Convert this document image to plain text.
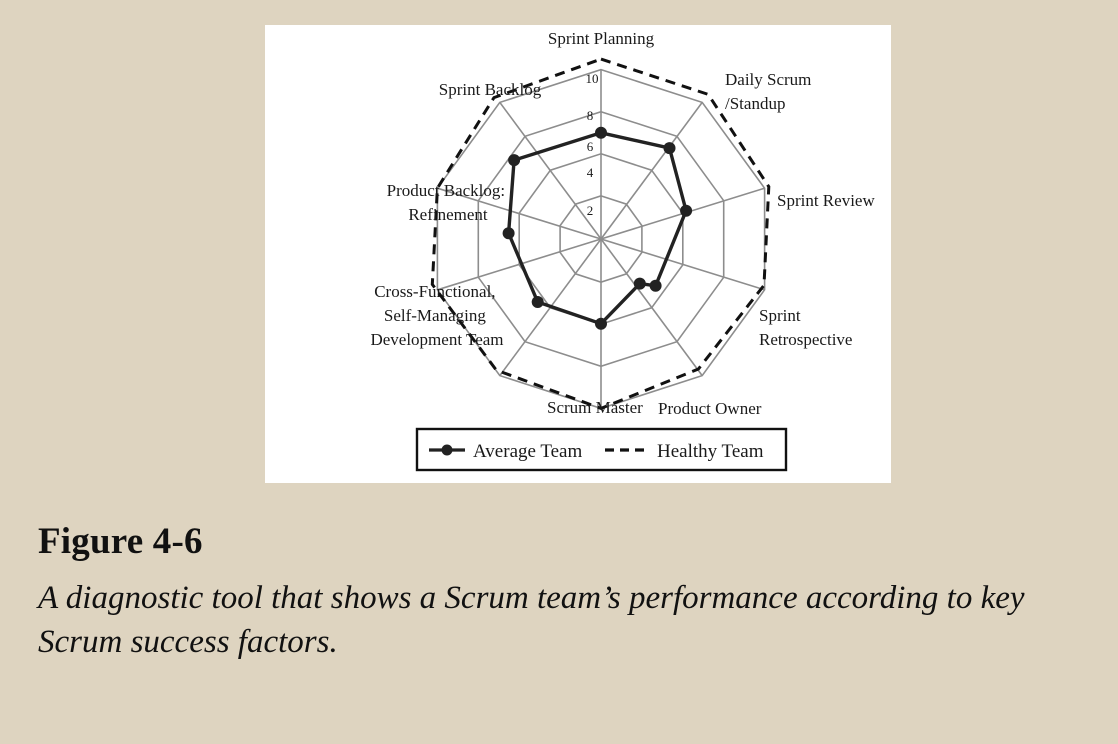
2
4
6
8
10
Sprint Planning
Daily Scrum /Standup
Sprint Review
Sprint Retrospective
Product Owner
Scrum Master
Cross-Functional, Self-Managing Development Team
Product Backlog: Refinement
Sprint Backlog
Average Team	Healthy Team
Figure 4-6
A diagnostic tool that shows a Scrum team’s performance according to key Scrum success factors.
